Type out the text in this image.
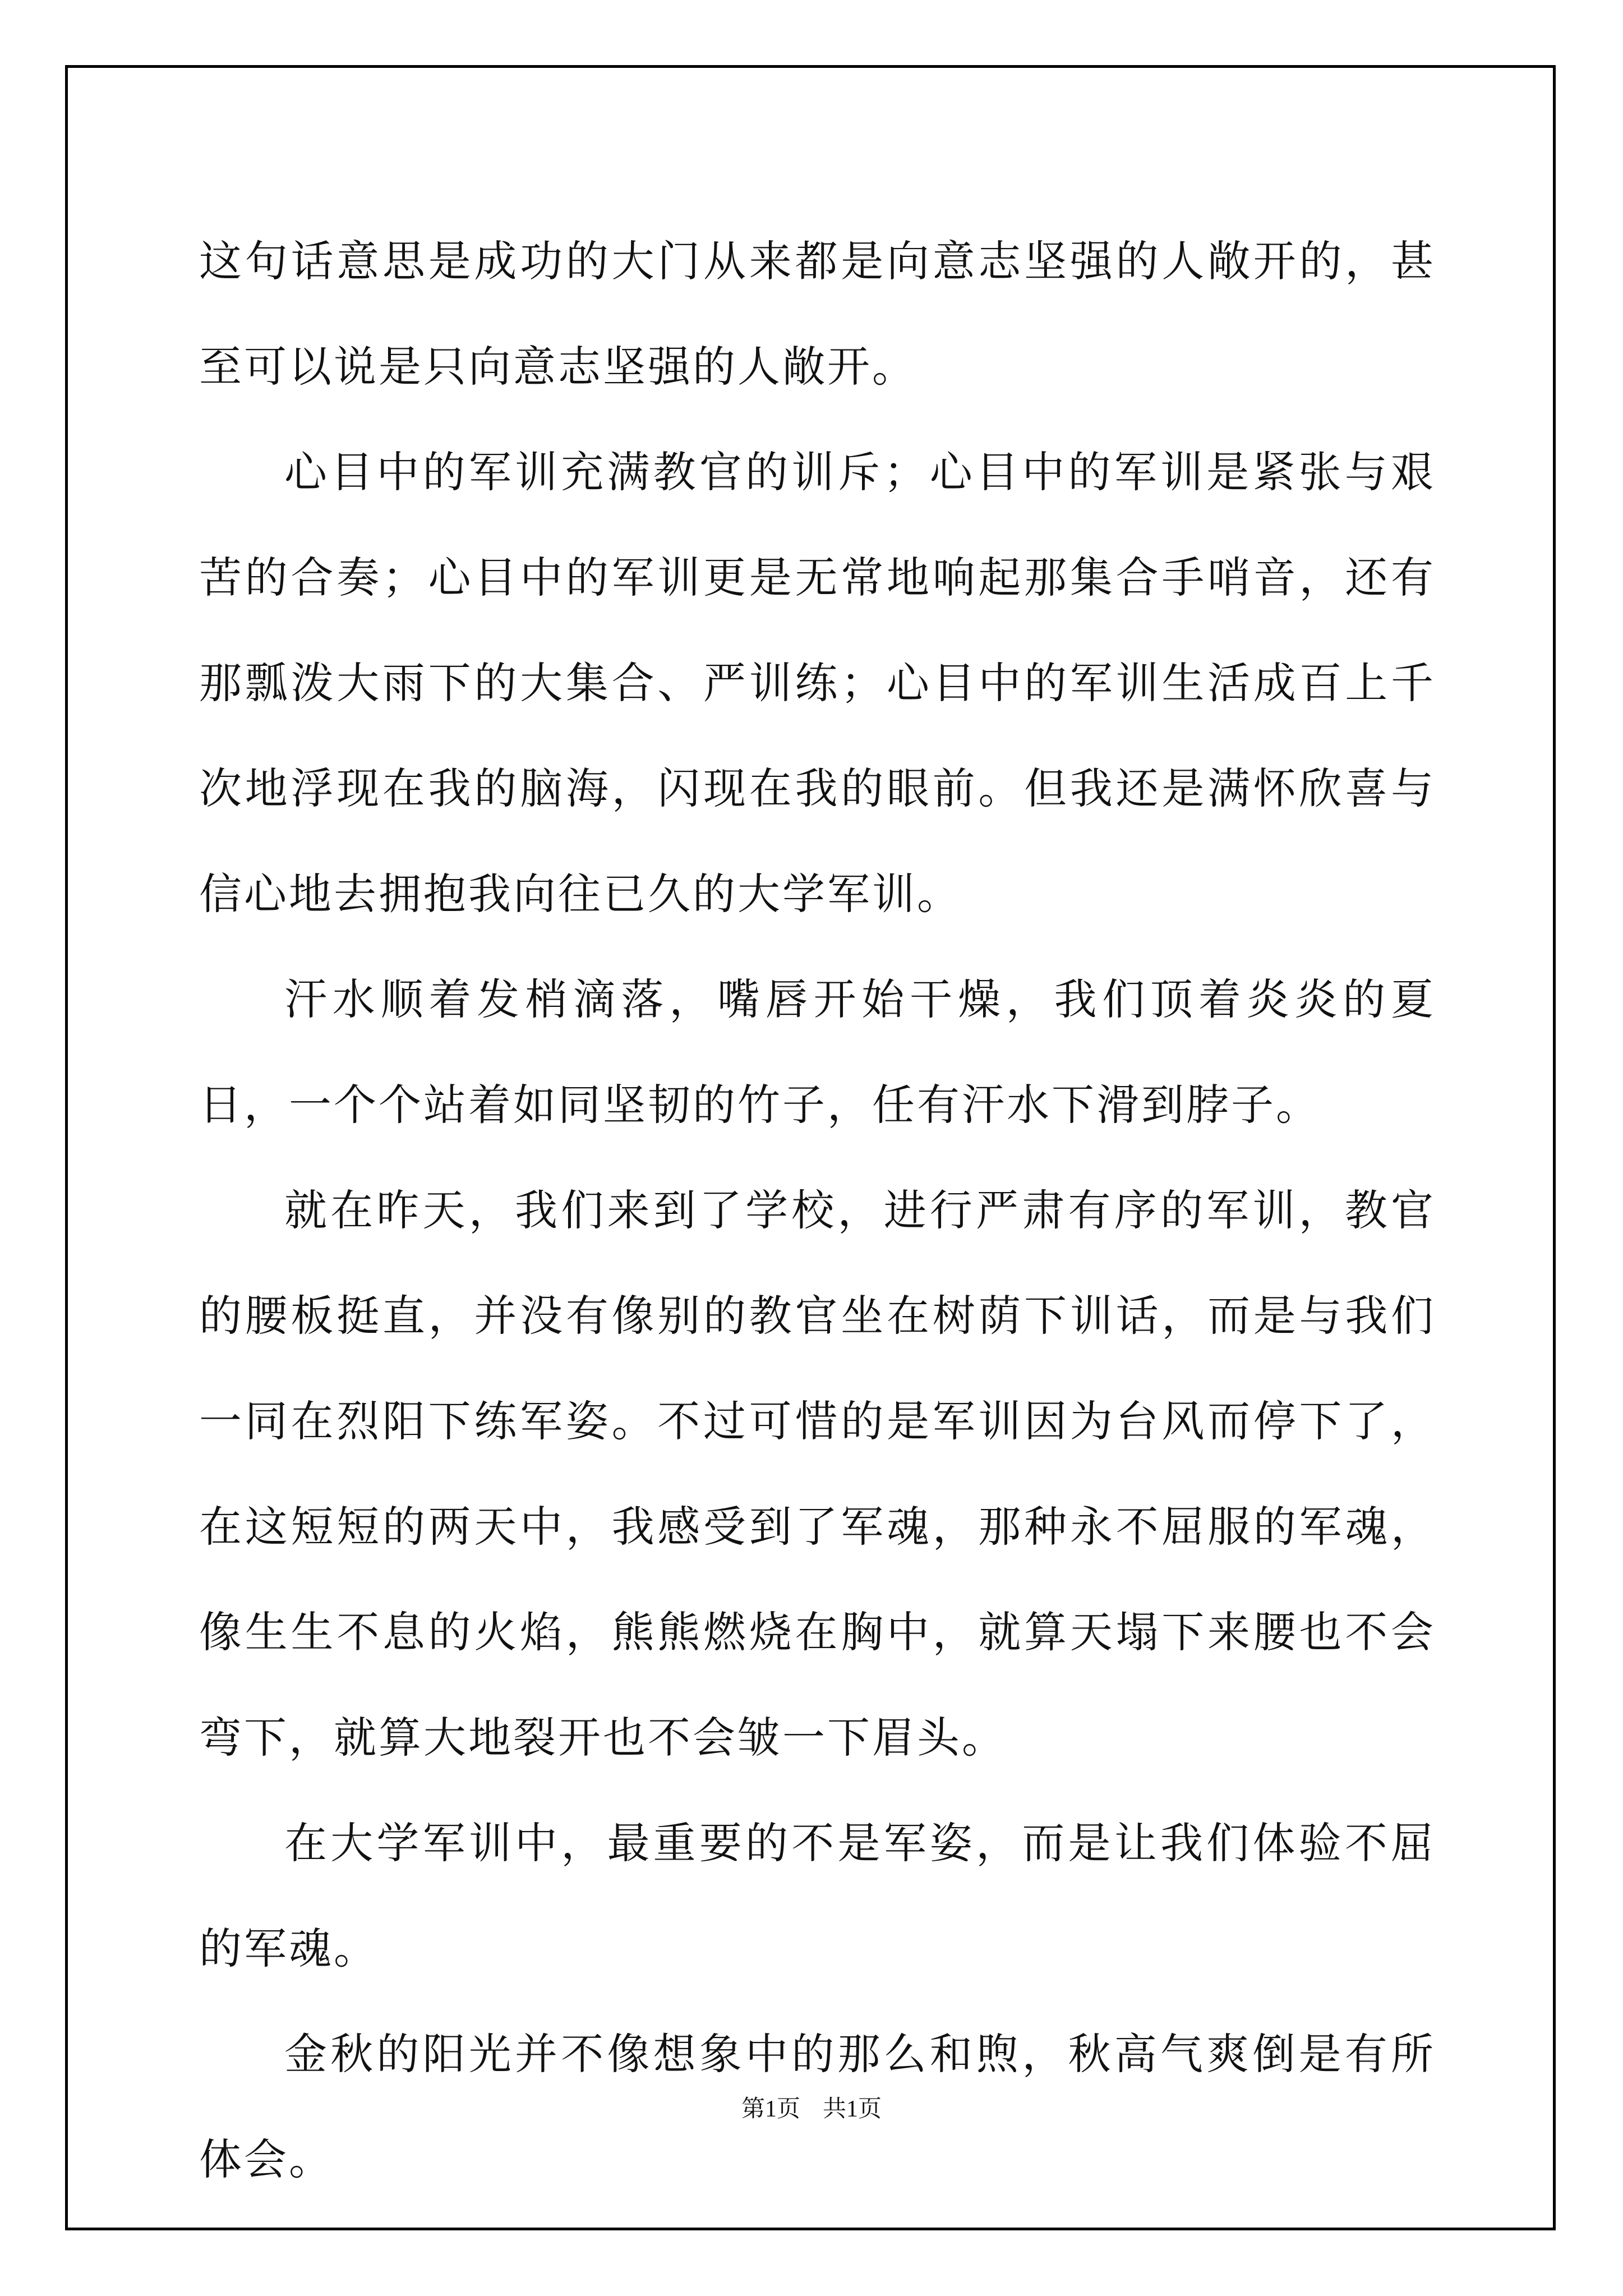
这句话意思是成功的大门从来都是向意志坚强的人敞开的，甚至可以说是只向意志坚强的人敞开。

心目中的军训充满教官的训斥；心目中的军训是紧张与艰苦的合奏；心目中的军训更是无常地响起那集合手哨音，还有那瓢泼大雨下的大集合、严训练；心目中的军训生活成百上千次地浮现在我的脑海，闪现在我的眼前。但我还是满怀欣喜与信心地去拥抱我向往已久的大学军训。

汗水顺着发梢滴落，嘴唇开始干燥，我们顶着炎炎的夏日，一个个站着如同坚韧的竹子，任有汗水下滑到脖子。

就在昨天，我们来到了学校，进行严肃有序的军训，教官的腰板挺直，并没有像别的教官坐在树荫下训话，而是与我们一同在烈阳下练军姿。不过可惜的是军训因为台风而停下了，在这短短的两天中，我感受到了军魂，那种永不屈服的军魂，像生生不息的火焰，熊熊燃烧在胸中，就算天塌下来腰也不会弯下，就算大地裂开也不会皱一下眉头。

在大学军训中，最重要的不是军姿，而是让我们体验不屈的军魂。

金秋的阳光并不像想象中的那么和煦，秋高气爽倒是有所体会。

第1页 共1页
